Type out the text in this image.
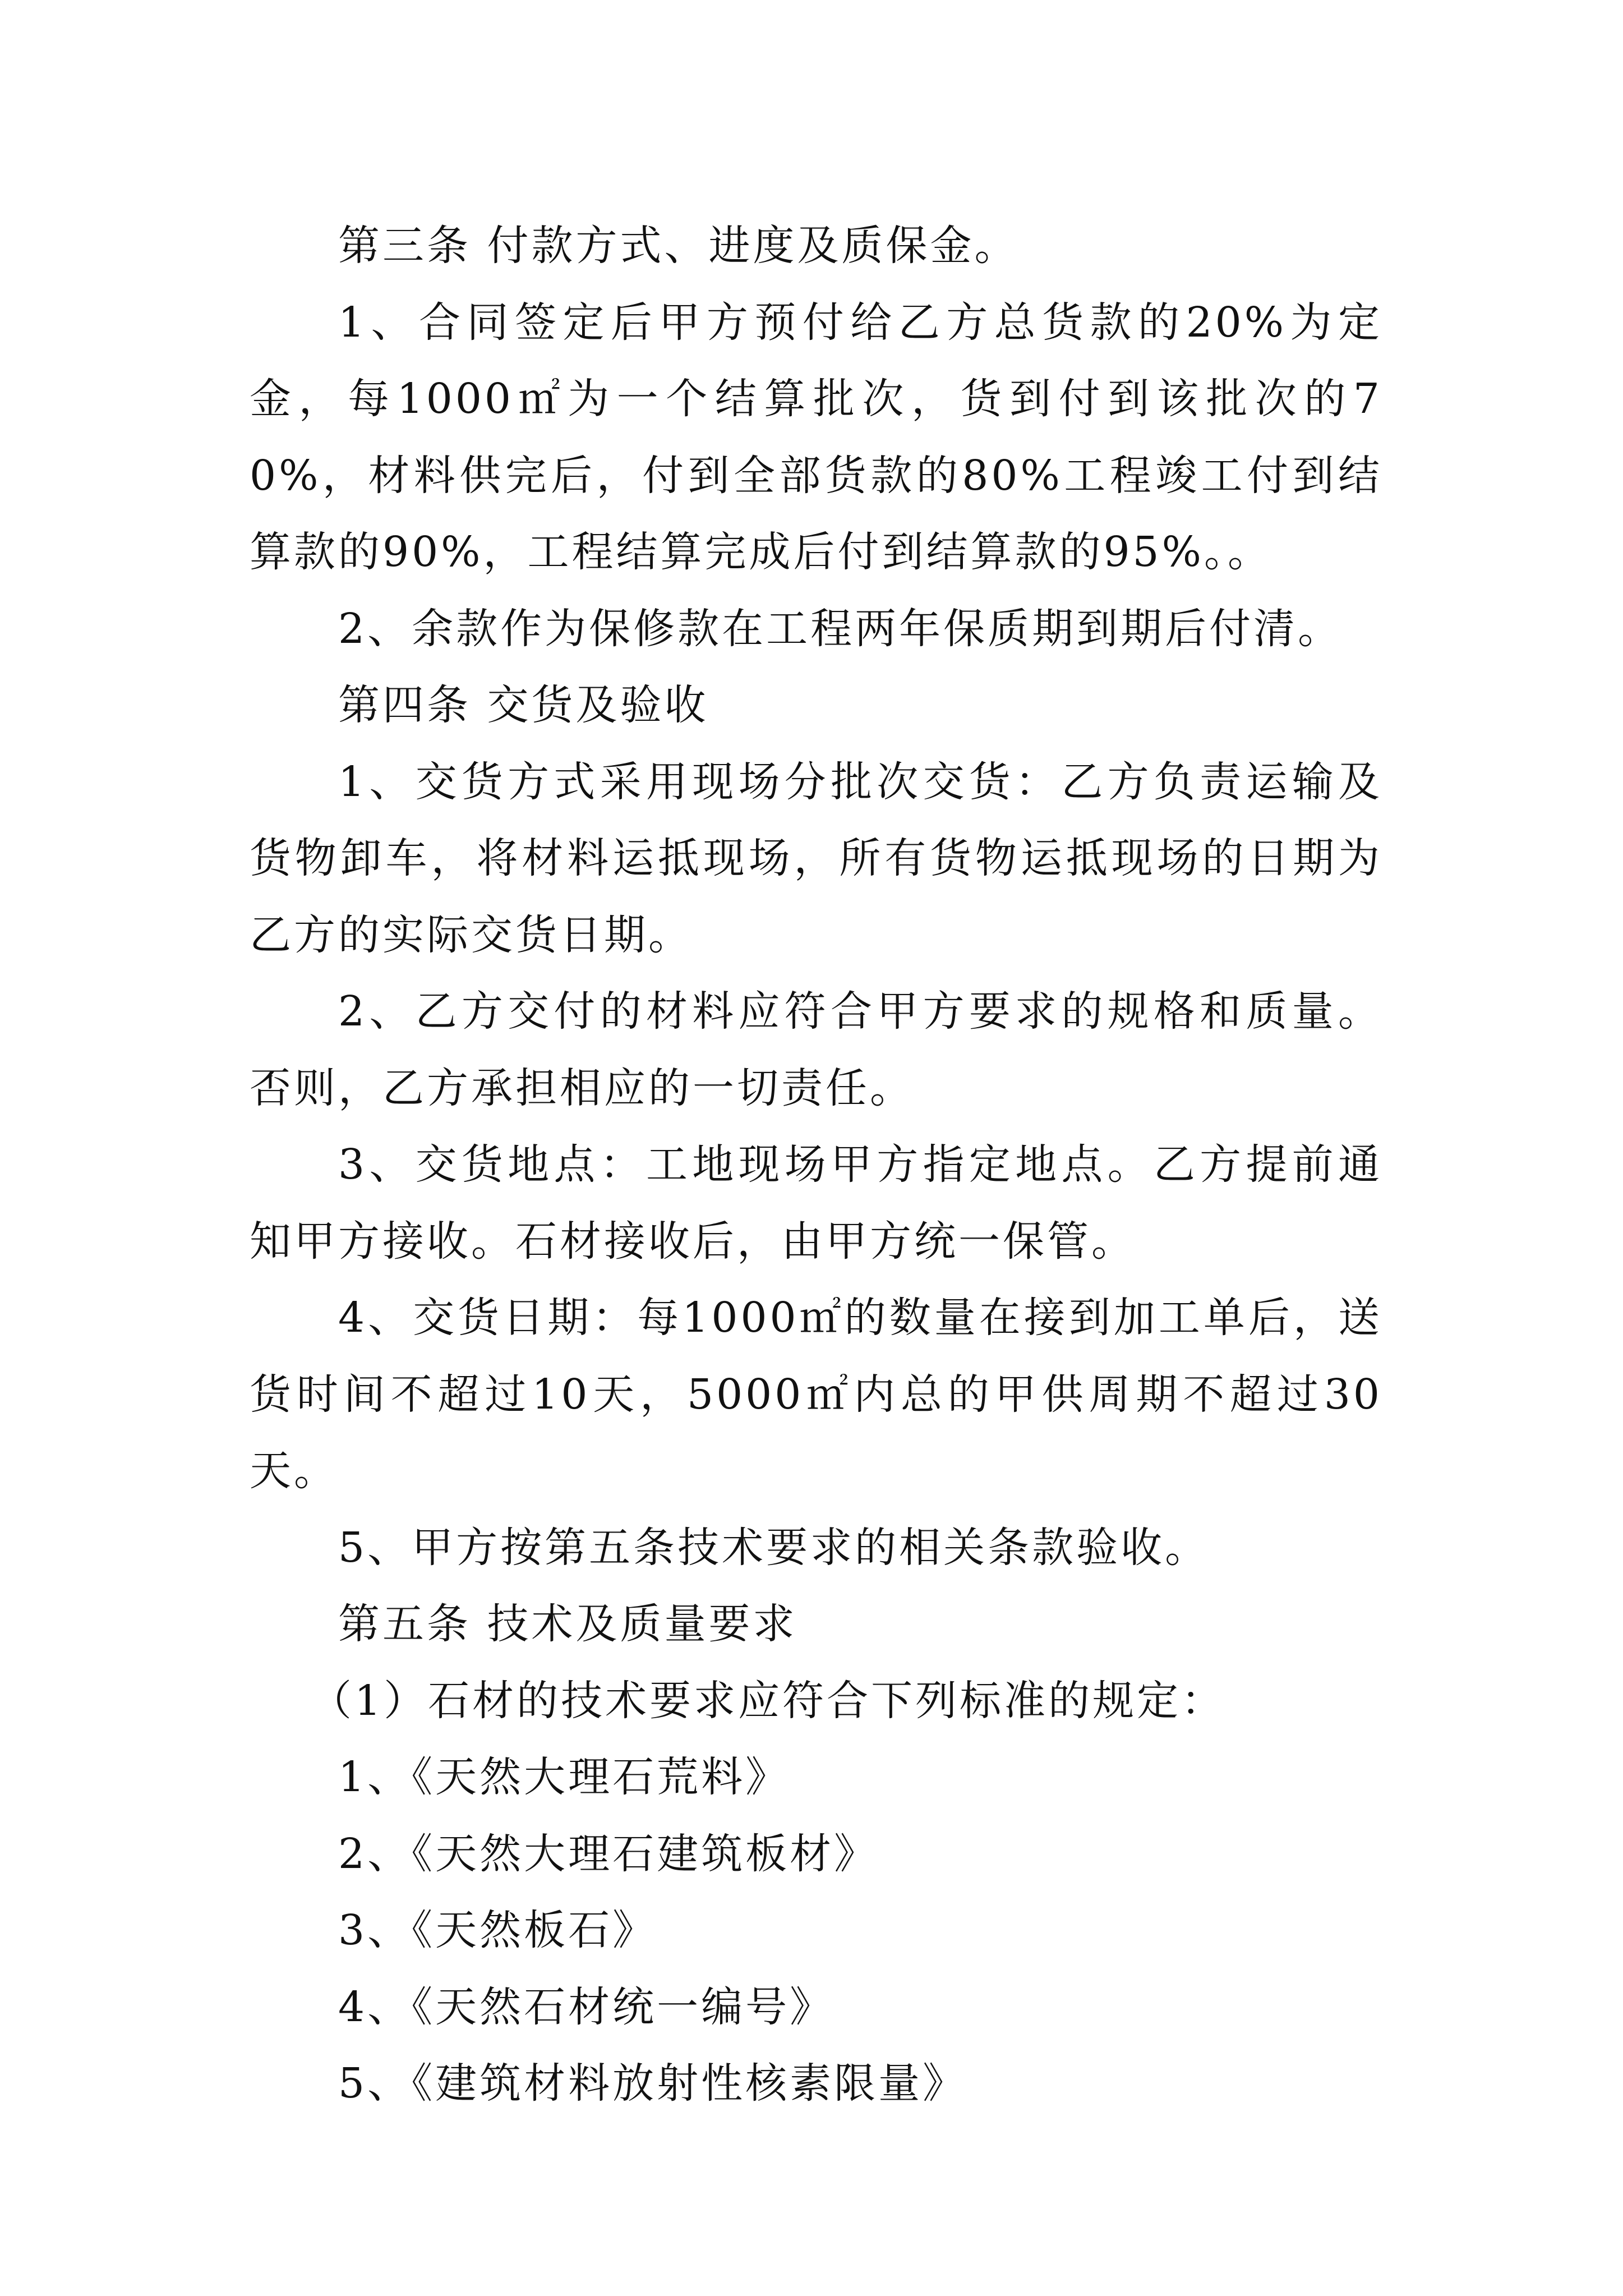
第三条 付款方式、进度及质保金。

1、合同签定后甲方预付给乙方总货款的20%为定金，每1000㎡为一个结算批次，货到付到该批次的70%，材料供完后，付到全部货款的80%工程竣工付到结算款的90%，工程结算完成后付到结算款的95%。。

2、余款作为保修款在工程两年保质期到期后付清。

第四条 交货及验收

1、交货方式采用现场分批次交货：乙方负责运输及货物卸车，将材料运抵现场，所有货物运抵现场的日期为乙方的实际交货日期。

2、乙方交付的材料应符合甲方要求的规格和质量。否则，乙方承担相应的一切责任。

3、交货地点：工地现场甲方指定地点。乙方提前通知甲方接收。石材接收后，由甲方统一保管。

4、交货日期：每1000㎡的数量在接到加工单后，送货时间不超过10天，5000㎡内总的甲供周期不超过30天。

5、甲方按第五条技术要求的相关条款验收。

第五条 技术及质量要求

（1）石材的技术要求应符合下列标准的规定：

1、《天然大理石荒料》

2、《天然大理石建筑板材》

3、《天然板石》

4、《天然石材统一编号》

5、《建筑材料放射性核素限量》
